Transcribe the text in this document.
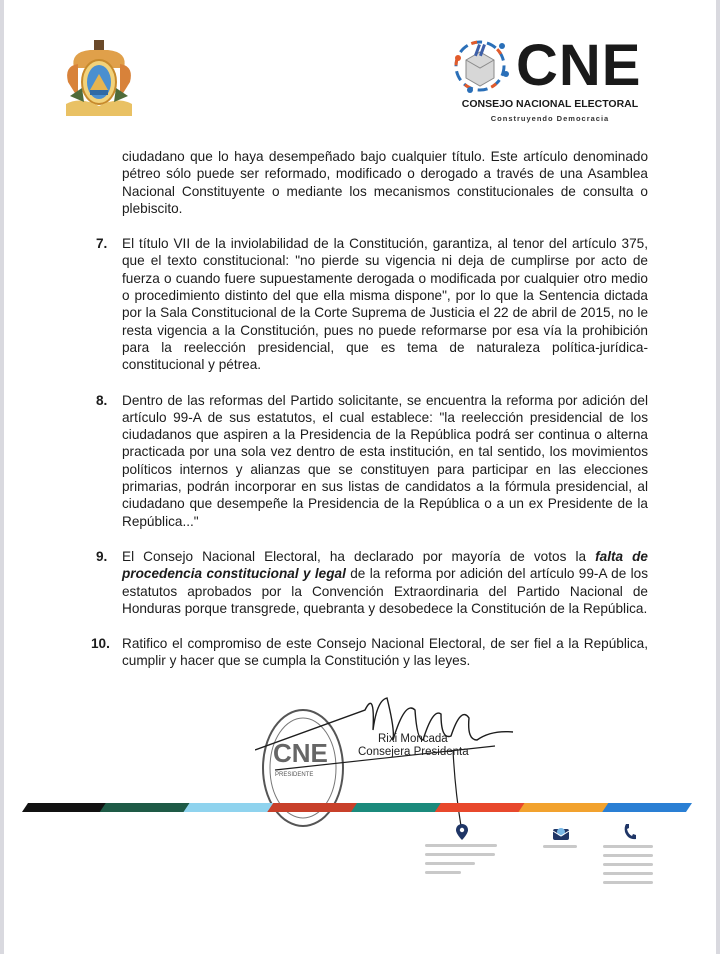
CNE
CONSEJO NACIONAL ELECTORAL
Construyendo Democracia

ciudadano que lo haya desempeñado bajo cualquier título. Este artículo denominado pétreo sólo puede ser reformado, modificado o derogado a través de una Asamblea Nacional Constituyente o mediante los mecanismos constitucionales de consulta o plebiscito.

7. El título VII de la inviolabilidad de la Constitución, garantiza, al tenor del artículo 375, que el texto constitucional: "no pierde su vigencia ni deja de cumplirse por acto de fuerza o cuando fuere supuestamente derogada o modificada por cualquier otro medio o procedimiento distinto del que ella misma dispone", por lo que la Sentencia dictada por la Sala Constitucional de la Corte Suprema de Justicia el 22 de abril de 2015, no le resta vigencia a la Constitución, pues no puede reformarse por esa vía la prohibición para la reelección presidencial, que es tema de naturaleza política-jurídica-constitucional y pétrea.

8. Dentro de las reformas del Partido solicitante, se encuentra la reforma por adición del artículo 99-A de sus estatutos, el cual establece: "la reelección presidencial de los ciudadanos que aspiren a la Presidencia de la República podrá ser continua o alterna practicada por una sola vez dentro de esta institución, en tal sentido, los movimientos políticos internos y alianzas que se constituyen para participar en las elecciones primarias, podrán incorporar en sus listas de candidatos a la fórmula presidencial, al ciudadano que desempeñe la Presidencia de la República o a un ex Presidente de la República..."

9. El Consejo Nacional Electoral, ha declarado por mayoría de votos la falta de procedencia constitucional y legal de la reforma por adición del artículo 99-A de los estatutos aprobados por la Convención Extraordinaria del Partido Nacional de Honduras porque transgrede, quebranta y desobedece la Constitución de la República.

10. Ratifico el compromiso de este Consejo Nacional Electoral, de ser fiel a la República, cumplir y hacer que se cumpla la Constitución y las leyes.

CNE
PRESIDENTE
Rixi Moncada
Consejera Presidenta
